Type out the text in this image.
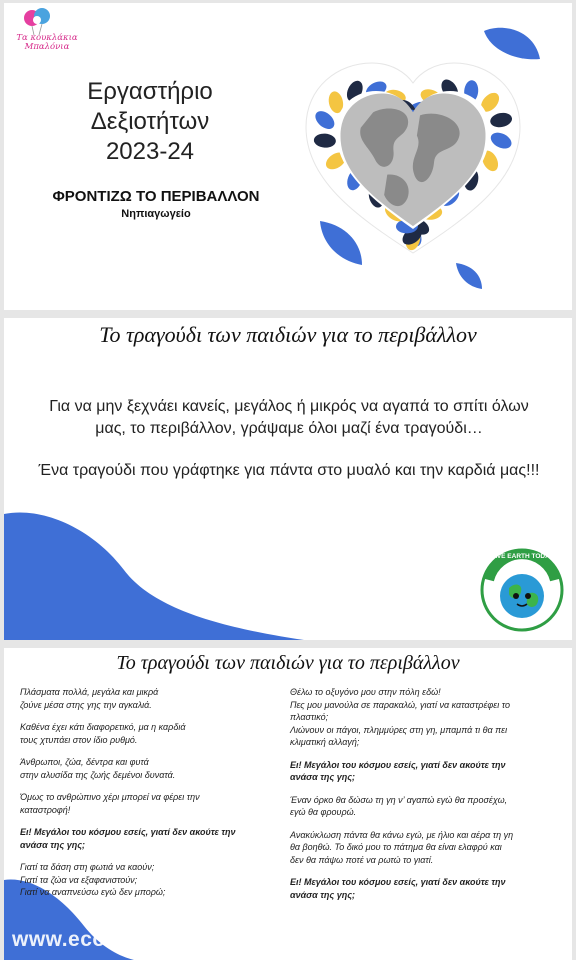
Τα κουκλάκια Μπαλόνια
Εργαστήριο
Δεξιοτήτων
2023-24
ΦΡΟΝΤΙΖΩ ΤΟ ΠΕΡΙΒΑΛΛΟΝ
Νηπιαγωγείο
Το τραγούδι των παιδιών για το περιβάλλον

Για να μην ξεχνάει κανείς, μεγάλος ή μικρός να αγαπά το σπίτι όλων μας, το περιβάλλον, γράψαμε όλοι μαζί ένα τραγούδι…

Ένα τραγούδι που γράφτηκε για πάντα στο μυαλό και την καρδιά μας!!!

SAVE EARTH TODAY!
Το τραγούδι των παιδιών για το περιβάλλον

Πλάσματα πολλά, μεγάλα και μικρά
ζούνε μέσα στης γης την αγκαλιά.

Καθένα έχει κάτι διαφορετικό, μα η καρδιά
τους χτυπάει στον ίδιο ρυθμό.

Άνθρωποι, ζώα, δέντρα και φυτά
στην αλυσίδα της ζωής δεμένοι δυνατά.

Όμως το ανθρώπινο χέρι μπορεί να φέρει την
καταστροφή!

Ει! Μεγάλοι του κόσμου εσείς, γιατί δεν ακούτε την
ανάσα της γης;

Γιατί τα δάση στη φωτιά να καούν;
Γιατί τα ζώα να εξαφανιστούν;
Γιατί να αναπνεύσω εγώ δεν μπορώ;

Θέλω το οξυγόνο μου στην πόλη εδώ!
Πες μου μανούλα σε παρακαλώ, γιατί να καταστρέφει το
πλαστικό;
Λιώνουν οι πάγοι, πλημμύρες στη γη, μπαμπά τι θα πει
κλιματική αλλαγή;

Ει! Μεγάλοι του κόσμου εσείς, γιατί δεν ακούτε την
ανάσα της γης;

Έναν όρκο θα δώσω τη γη ν’ αγαπώ εγώ θα προσέχω,
εγώ θα φρουρώ.

Ανακύκλωση πάντα θα κάνω εγώ, με ήλιο και αέρα τη γη
θα βοηθώ. Το δικό μου το πάτημα θα είναι ελαφρύ και
δεν θα πάψω ποτέ να ρωτώ το γιατί.

Ει! Μεγάλοι του κόσμου εσείς, γιατί δεν ακούτε την
ανάσα της γης;

www.ecoschools.gr
